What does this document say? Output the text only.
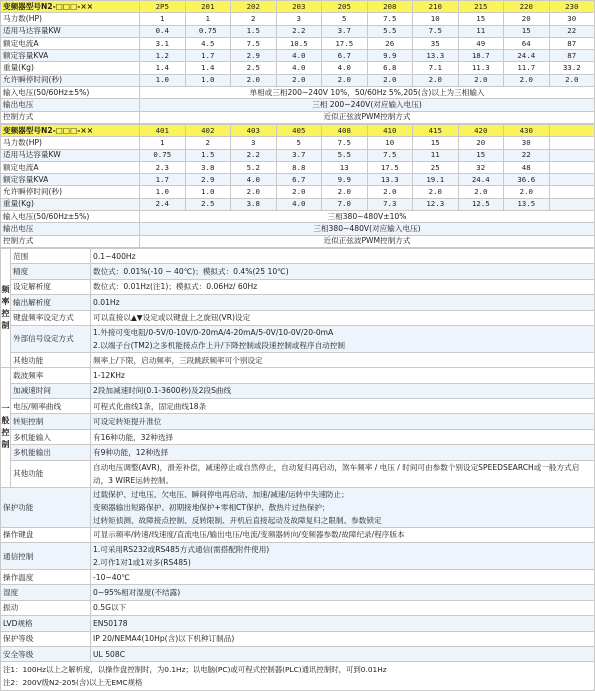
变频器型号N2-□□□-××	2P5	201	202	203	205	208	210	215	220	230
马力数(HP)	1	1	2	3	5	7.5	10	15	20	30
适用马达容量KW	0.4	0.75	1.5	2.2	3.7	5.5	7.5	11	15	22
额定电流A	3.1	4.5	7.5	10.5	17.5	26	35	49	64	87
额定容量KVA	1.2	1.7	2.9	4.0	6.7	9.9	13.3	18.7	24.4	87
重量(Kg)	1.4	1.4	2.5	4.0	4.0	6.8	7.1	11.3	11.7	33.2
允许瞬停时间(秒)	1.0	1.0	2.0	2.0	2.0	2.0	2.0	2.0	2.0	2.0
输入电压(50/60Hz±5%)	单相或三相200~240V 10%，50/60Hz 5%,205(含)以上为三相输入									
输出电压	三相 200~240V(对应输入电压)									
控制方式	近似正弦波PWM控制方式									
变频器型号N2-□□□-××	401	402	403	405	408	410	415	420	430	
马力数(HP)	1	2	3	5	7.5	10	15	20	30	
适用马达容量KW	0.75	1.5	2.2	3.7	5.5	7.5	11	15	22	
额定电流A	2.3	3.8	5.2	8.8	13	17.5	25	32	48	
额定容量KVA	1.7	2.9	4.0	6.7	9.9	13.3	19.1	24.4	36.6	
允许瞬停时间(秒)	1.0	1.0	2.0	2.0	2.0	2.0	2.0	2.0	2.0	
重量(Kg)	2.4	2.5	3.8	4.0	7.0	7.3	12.3	12.5	13.5	
输入电压(50/60Hz±5%)	三相380~480V±10%									
输出电压	三相380~480V(对应输入电压)									
控制方式	近似正弦波PWM控制方式									
频
率
控
制	范围	0.1~400Hz
	精度	数位式：0.01%(-10 ~ 40℃)；模拟式：0.4%(25 10℃)
	设定解析度	数位式：0.01Hz(注1)；模拟式：0.06Hz/ 60Hz
	输出解析度	0.01Hz
	键盘频率设定方式	可以直接以▲▼设定或以键盘上之旋钮(VR)设定
	外部信号设定方式	1.外接可变电阻/0-5V/0-10V/0-20mA/4-20mA/5-0V/10-0V/20-0mA
2.以端子台(TM2)之多机能接点作上升/下降控制或段速控制或程序自动控制
	其他功能	频率上/下限，启动频率，三段跳跃频率可个别设定

一
般
控
制	载波频率	1-12KHz
	加减速时间	2段加减速时间(0.1-3600秒)及2段S曲线
	电压/频率曲线	可程式化曲线1条，固定曲线18条
	转矩控制	可设定转矩提升准位
	多机能输入	有16种功能，32种选择
	多机能输出	有9种功能，12种选择
	其他功能	自动电压调整(AVR)，滑差补偿，减速停止或自然停止，自动复归再启动，煞车频率 / 电压 / 时间可由参数个别设定SPEEDSEARCH或一般方式启动，3 WIRE运转控制。
保护功能		过载保护、过电压、欠电压、瞬间停电再启动、加速/减速/运转中失速防止；
变频器输出短路保护、初期接地保护+零相CT保护、散热片过热保护；
过转矩侦测、故障接点控制、反转限制、开机后直接起动及故障复归之限制、参数锁定
操作键盘		可显示频率/转速/线速度/直流电压/输出电压/电流/变频器转向/变频器参数/故障纪录/程序版本
通信控制		1.可采用RS232或RS485方式通信(需搭配附件使用)
2.可作1对1或1对多(RS485)
操作温度		-10~40℃
湿度		0~95%相对湿度(不结露)
振动		0.5G以下
LVD规格		EN50178
保护等级		IP 20/NEMA4(10Hp(含)以下机种订制品)
安全等级		UL 508C

注1：100Hz以上之解析度，以操作盘控制时，为0.1Hz；以电脑(PC)或可程式控制器(PLC)通讯控制时，可到0.01Hz
注2：200V级N2-205(含)以上无EMC规格		
